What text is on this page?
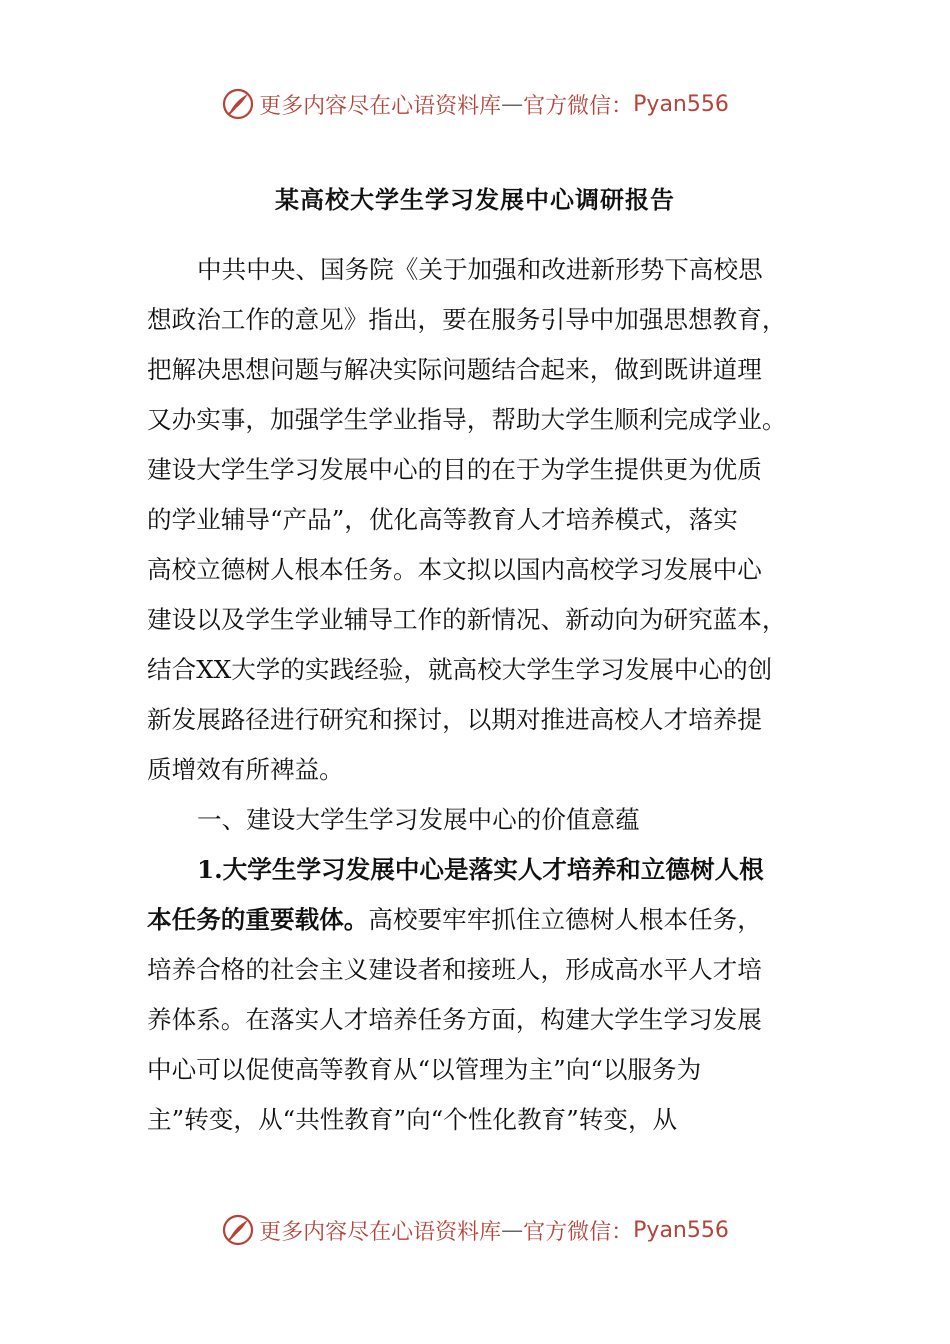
更多内容尽在心语资料库 — 官方微信： Pyan556
某高校大学生学习发展中心调研报告
中共中央、国务院《关于加强和改进新形势下高校思
想政治工作的意见》指出，要在服务引导中加强思想教育，
把解决思想问题与解决实际问题结合起来，做到既讲道理
又办实事，加强学生学业指导，帮助大学生顺利完成学业。
建设大学生学习发展中心的目的在于为学生提供更为优质
的学业辅导“产品”，优化高等教育人才培养模式，落实
高校立德树人根本任务。本文拟以国内高校学习发展中心
建设以及学生学业辅导工作的新情况、新动向为研究蓝本，
结合XX大学的实践经验，就高校大学生学习发展中心的创
新发展路径进行研究和探讨，以期对推进高校人才培养提
质增效有所裨益。
一、建设大学生学习发展中心的价值意蕴
1.大学生学习发展中心是落实人才培养和立德树人根
本任务的重要载体。高校要牢牢抓住立德树人根本任务，
培养合格的社会主义建设者和接班人，形成高水平人才培
养体系。在落实人才培养任务方面，构建大学生学习发展
中心可以促使高等教育从“以管理为主”向“以服务为
主”转变，从“共性教育”向“个性化教育”转变，从
更多内容尽在心语资料库 — 官方微信： Pyan556
